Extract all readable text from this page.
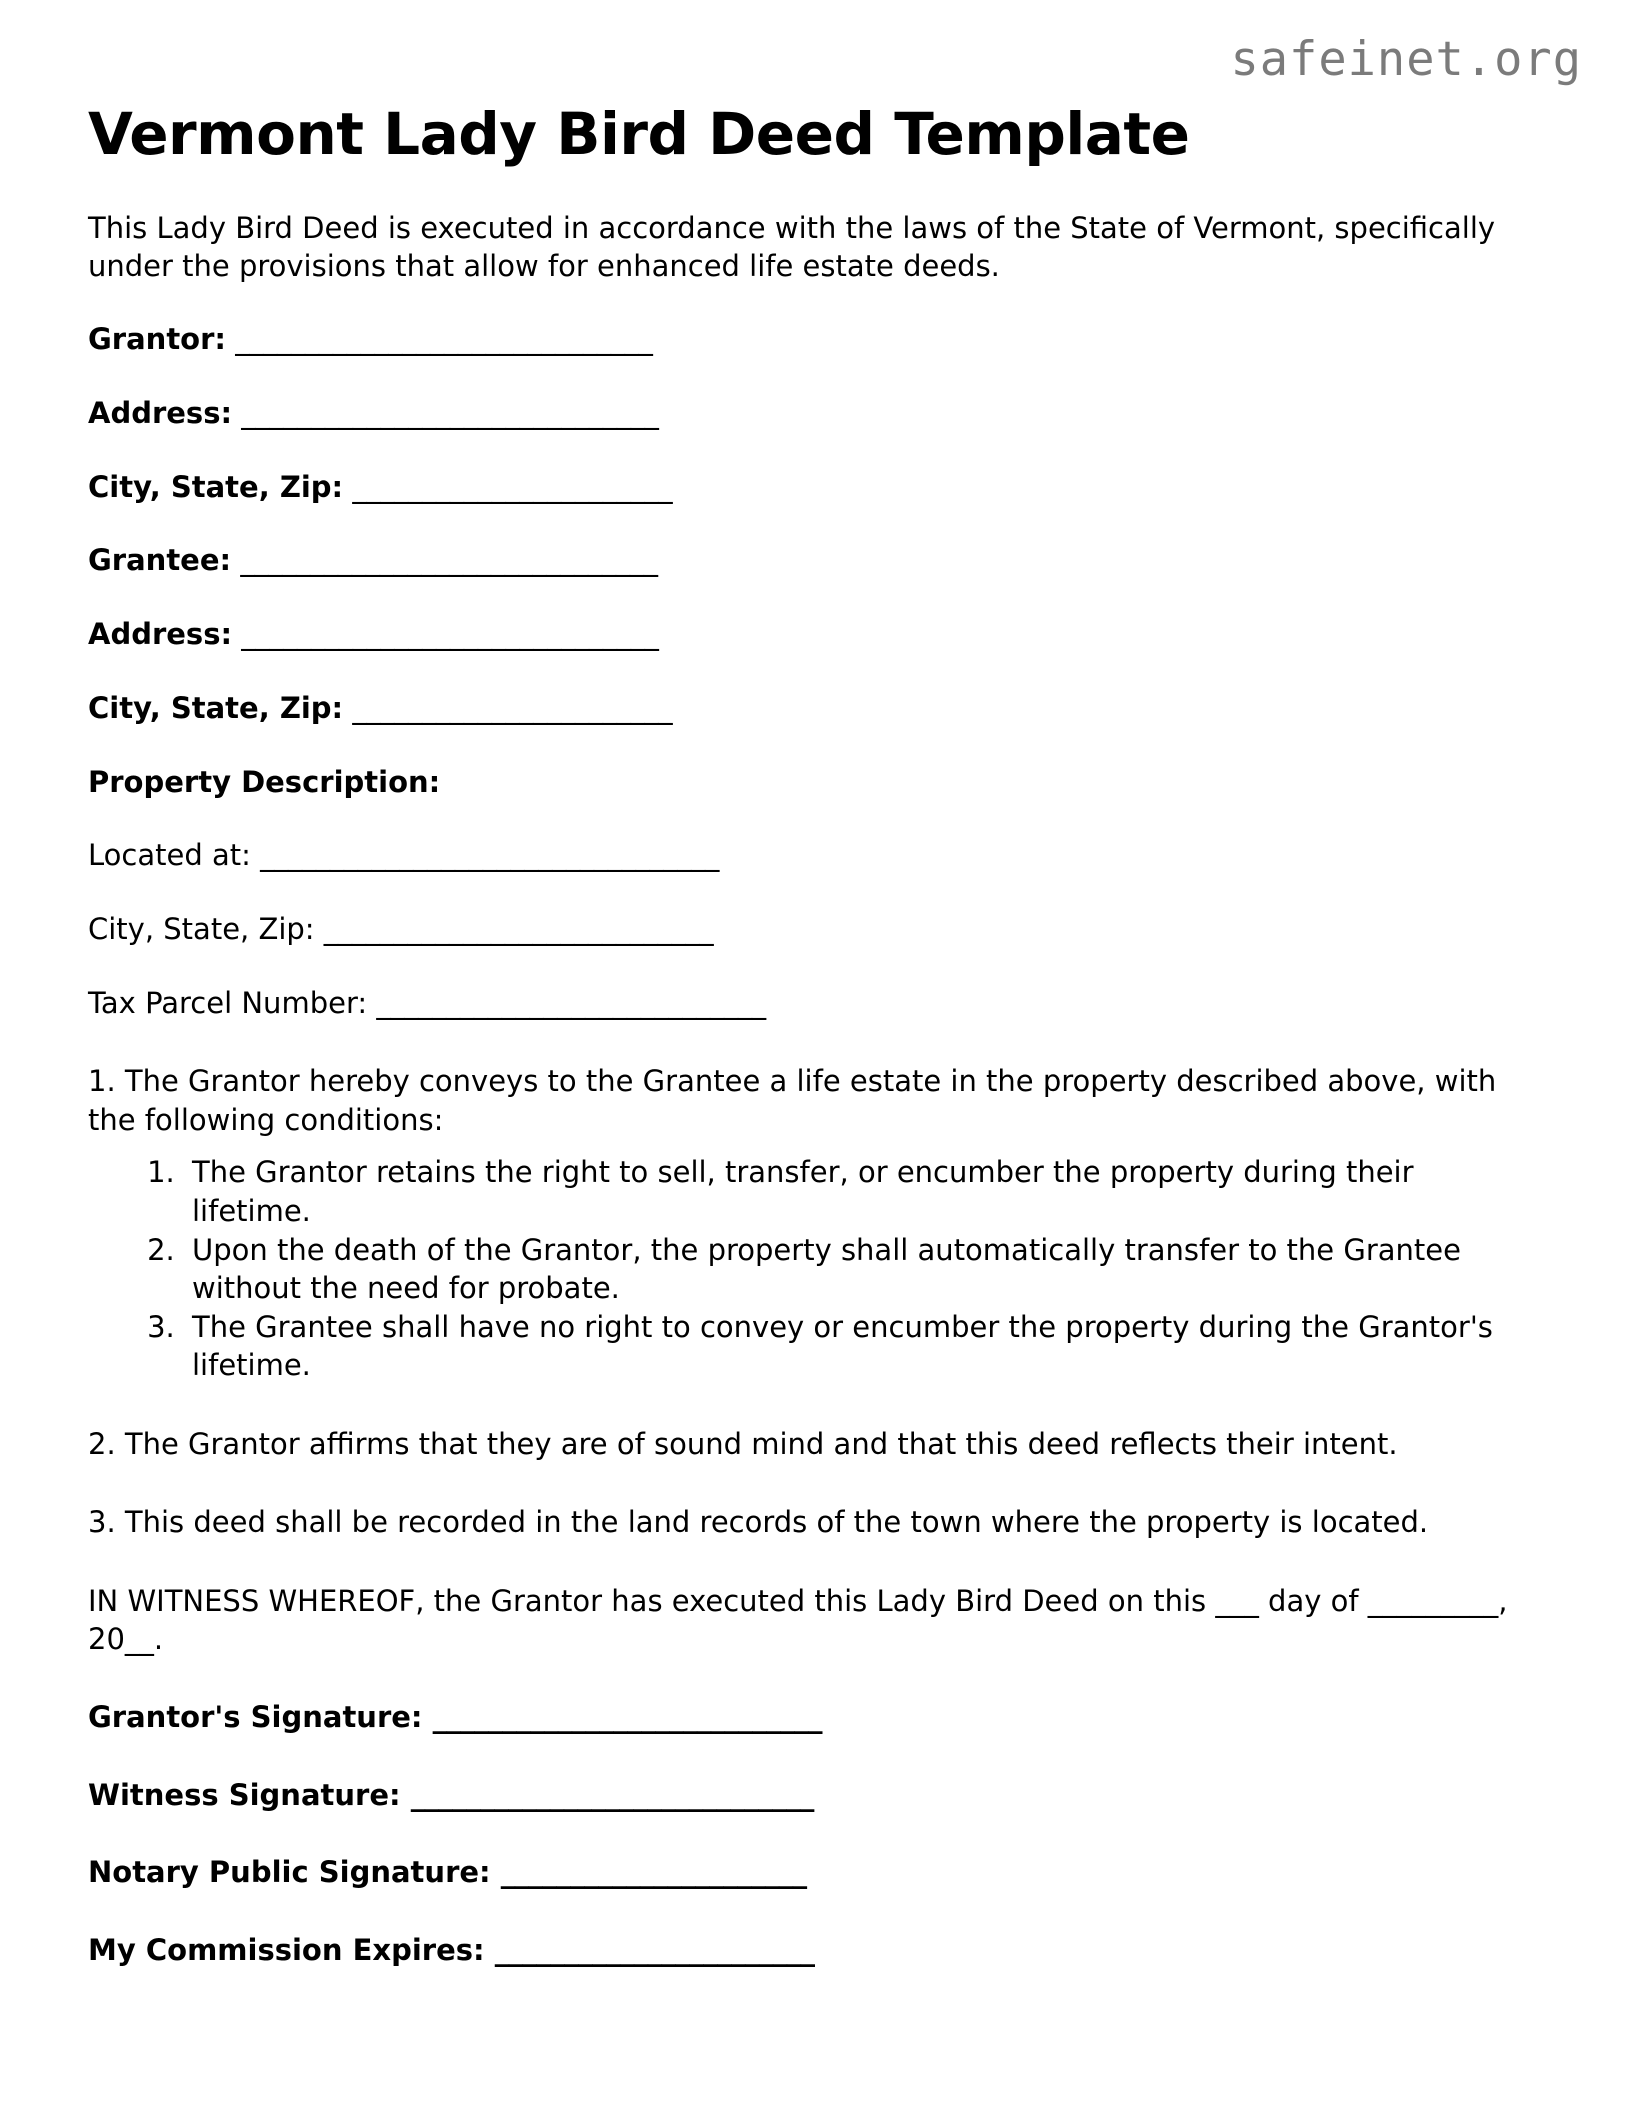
safeinet.org
Vermont Lady Bird Deed Template

This Lady Bird Deed is executed in accordance with the laws of the State of Vermont, specifically under the provisions that allow for enhanced life estate deeds.

Grantor: ______________________________

Address: ______________________________

City, State, Zip: _______________________

Grantee: ______________________________

Address: ______________________________

City, State, Zip: _______________________

Property Description:

Located at: _________________________________

City, State, Zip: ____________________________

Tax Parcel Number: ____________________________

1. The Grantor hereby conveys to the Grantee a life estate in the property described above, with the following conditions:

1. The Grantor retains the right to sell, transfer, or encumber the property during their lifetime.
2. Upon the death of the Grantor, the property shall automatically transfer to the Grantee without the need for probate.
3. The Grantee shall have no right to convey or encumber the property during the Grantor's lifetime.

2. The Grantor affirms that they are of sound mind and that this deed reflects their intent.

3. This deed shall be recorded in the land records of the town where the property is located.

IN WITNESS WHEREOF, the Grantor has executed this Lady Bird Deed on this ___ day of _________, 20__.

Grantor's Signature: ____________________________

Witness Signature: _____________________________

Notary Public Signature: ______________________

My Commission Expires: _______________________
